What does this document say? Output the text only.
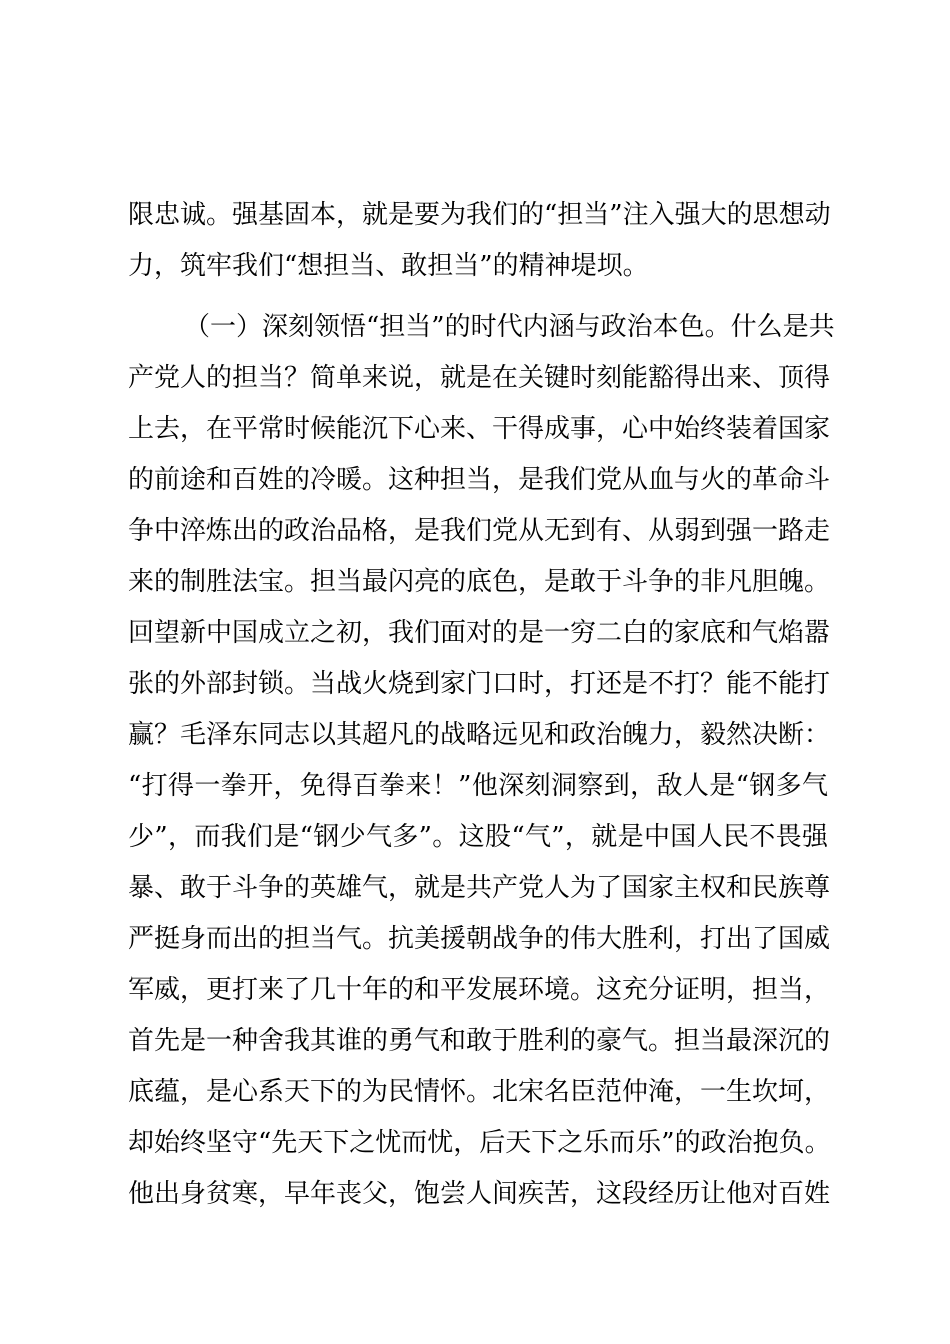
限忠诚。强基固本，就是要为我们的“担当”注入强大的思想动
力，筑牢我们“想担当、敢担当”的精神堤坝。
（一）深刻领悟“担当”的时代内涵与政治本色。什么是共
产党人的担当？简单来说，就是在关键时刻能豁得出来、顶得
上去，在平常时候能沉下心来、干得成事，心中始终装着国家
的前途和百姓的冷暖。这种担当，是我们党从血与火的革命斗
争中淬炼出的政治品格，是我们党从无到有、从弱到强一路走
来的制胜法宝。担当最闪亮的底色，是敢于斗争的非凡胆魄。
回望新中国成立之初，我们面对的是一穷二白的家底和气焰嚣
张的外部封锁。当战火烧到家门口时，打还是不打？能不能打
赢？毛泽东同志以其超凡的战略远见和政治魄力，毅然决断：
“打得一拳开，免得百拳来！”他深刻洞察到，敌人是“钢多气
少”，而我们是“钢少气多”。这股“气”，就是中国人民不畏强
暴、敢于斗争的英雄气，就是共产党人为了国家主权和民族尊
严挺身而出的担当气。抗美援朝战争的伟大胜利，打出了国威
军威，更打来了几十年的和平发展环境。这充分证明，担当，
首先是一种舍我其谁的勇气和敢于胜利的豪气。担当最深沉的
底蕴，是心系天下的为民情怀。北宋名臣范仲淹，一生坎坷，
却始终坚守“先天下之忧而忧，后天下之乐而乐”的政治抱负。
他出身贫寒，早年丧父，饱尝人间疾苦，这段经历让他对百姓
